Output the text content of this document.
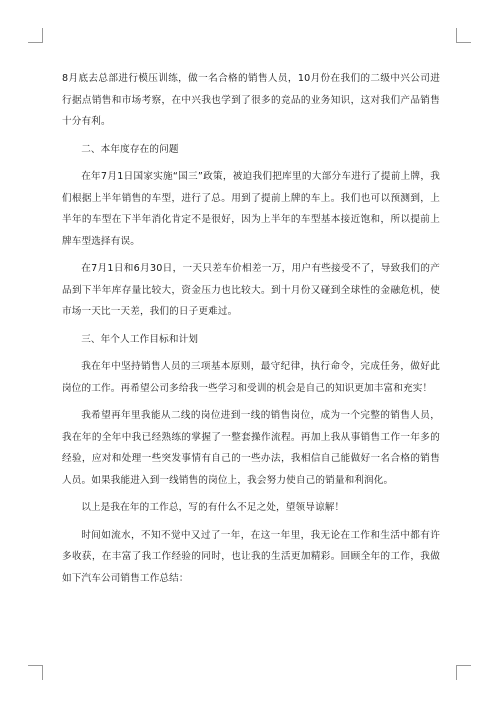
8月底去总部进行模压训练，做一名合格的销售人员，10月份在我们的二级中兴公司进行据点销售和市场考察，在中兴我也学到了很多的竞品的业务知识，这对我们产品销售十分有利。

二、本年度存在的问题

在年7月1日国家实施“国三”政策，被迫我们把库里的大部分车进行了提前上牌，我们根据上半年销售的车型，进行了总。用到了提前上牌的车上。我们也可以预测到，上半年的车型在下半年消化肯定不是很好，因为上半年的车型基本接近饱和，所以提前上牌车型选择有误。

在7月1日和6月30日，一天只差车价相差一万，用户有些接受不了，导致我们的产品到下半年库存量比较大，资金压力也比较大。到十月份又碰到全球性的金融危机，使市场一天比一天差，我们的日子更难过。

三、年个人工作目标和计划

我在年中坚持销售人员的三项基本原则，最守纪律，执行命令，完成任务，做好此岗位的工作。再希望公司多给我一些学习和受训的机会是自己的知识更加丰富和充实！

我希望再年里我能从二线的岗位进到一线的销售岗位，成为一个完整的销售人员，我在年的全年中我已经熟练的掌握了一整套操作流程。再加上我从事销售工作一年多的经验，应对和处理一些突发事情有自己的一些办法，我相信自己能做好一名合格的销售人员。如果我能进入到一线销售的岗位上，我会努力使自己的销量和利润化。

以上是我在年的工作总，写的有什么不足之处，望领导谅解！

时间如流水，不知不觉中又过了一年，在这一年里，我无论在工作和生活中都有许多收获，在丰富了我工作经验的同时，也让我的生活更加精彩。回顾全年的工作，我做如下汽车公司销售工作总结：
